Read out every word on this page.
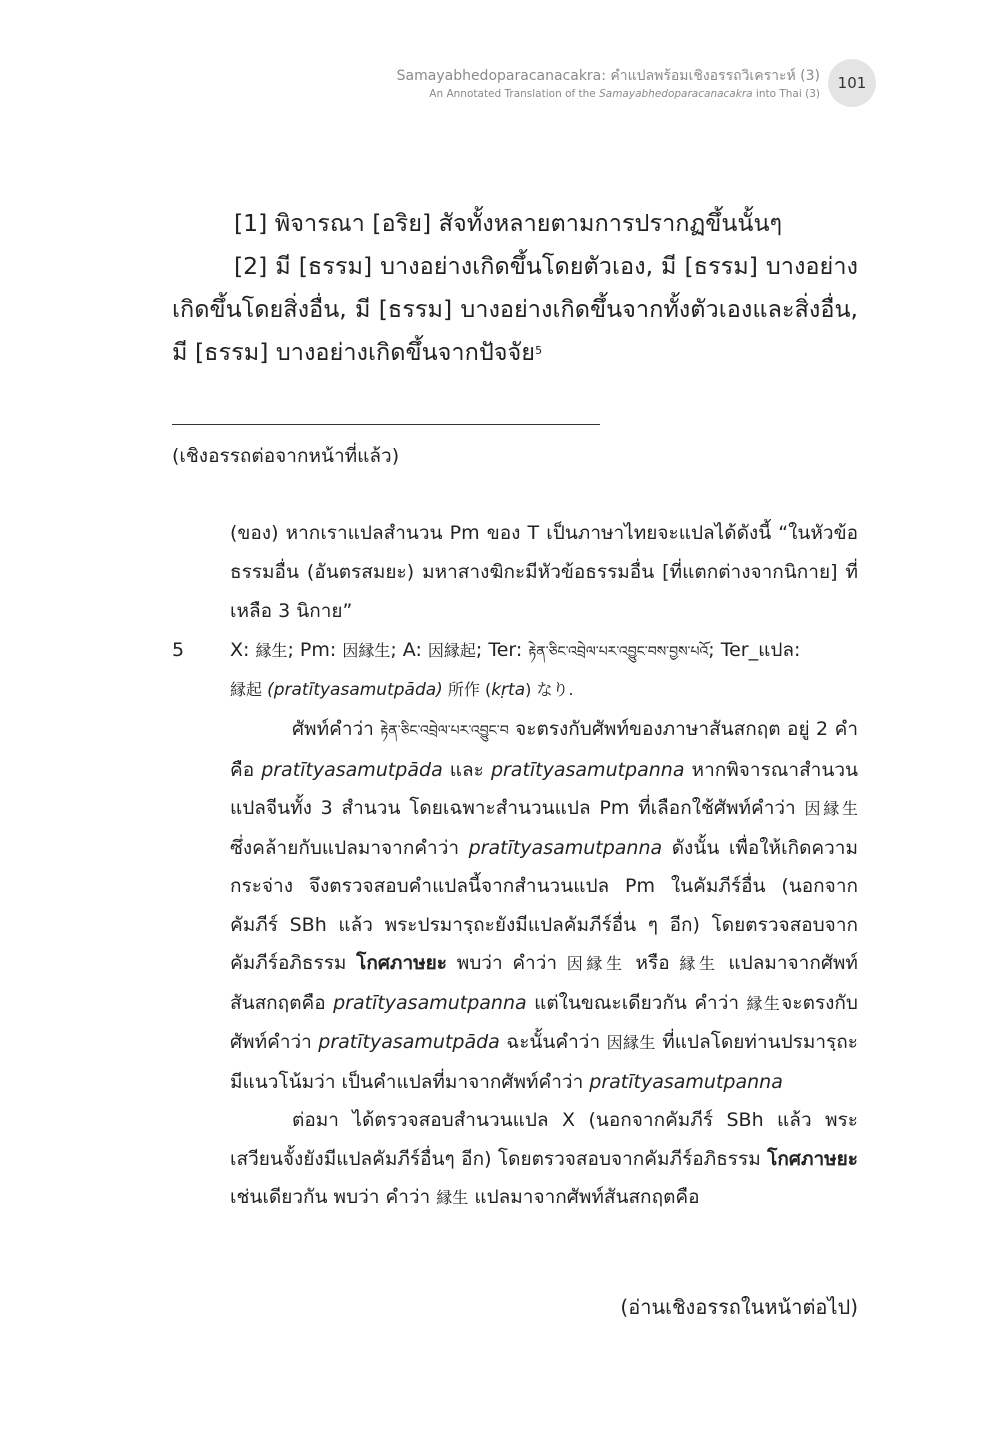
Samayabhedoparacanacakra: คำแปลพร้อมเชิงอรรถวิเคราะห์ (3)
An Annotated Translation of the Samayabhedoparacanacakra into Thai (3)
101

[1] พิจารณา [อริย] สัจทั้งหลายตามการปรากฏขึ้นนั้นๆ

[2] มี [ธรรม] บางอย่างเกิดขึ้นโดยตัวเอง, มี [ธรรม] บางอย่างเกิดขึ้นโดยสิ่งอื่น, มี [ธรรม] บางอย่างเกิดขึ้นจากทั้งตัวเองและสิ่งอื่น, มี [ธรรม] บางอย่างเกิดขึ้นจากปัจจัย$^5$

(เชิงอรรถต่อจากหน้าที่แล้ว)
(ของ) หากเราแปลสำนวน Pm ของ T เป็นภาษาไทยจะแปลได้ดังนี้ “ในหัวข้อธรรมอื่น (อันตรสมยะ) มหาสางฆิกะมีหัวข้อธรรมอื่น [ที่แตกต่างจากนิกาย] ที่เหลือ 3 นิกาย”
5 X: 縁生; Pm: 因縁生; A: 因縁起; Ter: རྟེན་ཅིང་འབྲེལ་པར་འབྱུང་བས་བྱས་པའོ; Ter_แปล:

縁起 (pratītyasamutpāda) 所作 (kṛta) なり.

ศัพท์คำว่า རྟེན་ཅིང་འབྲེལ་པར་འབྱུང་བ จะตรงกับศัพท์ของภาษาสันสกฤต อยู่ 2 คำคือ pratītyasamutpāda และ pratītyasamutpanna หากพิจารณาสำนวนแปลจีนทั้ง 3 สำนวน โดยเฉพาะสำนวนแปล Pm ที่เลือกใช้ศัพท์คำว่า 因縁生 ซึ่งคล้ายกับแปลมาจากคำว่า pratītyasamutpanna ดังนั้น เพื่อให้เกิดความกระจ่าง จึงตรวจสอบคำแปลนี้จากสำนวนแปล Pm ในคัมภีร์อื่น (นอกจากคัมภีร์ SBh แล้ว พระปรมารฺถะยังมีแปลคัมภีร์อื่น ๆ อีก) โดยตรวจสอบจากคัมภีร์อภิธรรม โกศภาษยะ พบว่า คำว่า 因縁生 หรือ 縁生 แปลมาจากศัพท์สันสกฤตคือ pratītyasamutpanna แต่ในขณะเดียวกัน คำว่า 縁生จะตรงกับศัพท์คำว่า pratītyasamutpāda ฉะนั้นคำว่า 因縁生 ที่แปลโดยท่านปรมารฺถะ มีแนวโน้มว่า เป็นคำแปลที่มาจากศัพท์คำว่า pratītyasamutpanna

ต่อมา ได้ตรวจสอบสำนวนแปล X (นอกจากคัมภีร์ SBh แล้ว พระเสวียนจั้งยังมีแปลคัมภีร์อื่นๆ อีก) โดยตรวจสอบจากคัมภีร์อภิธรรม โกศภาษยะ เช่นเดียวกัน พบว่า คำว่า 縁生 แปลมาจากศัพท์สันสกฤตคือ

(อ่านเชิงอรรถในหน้าต่อไป)
